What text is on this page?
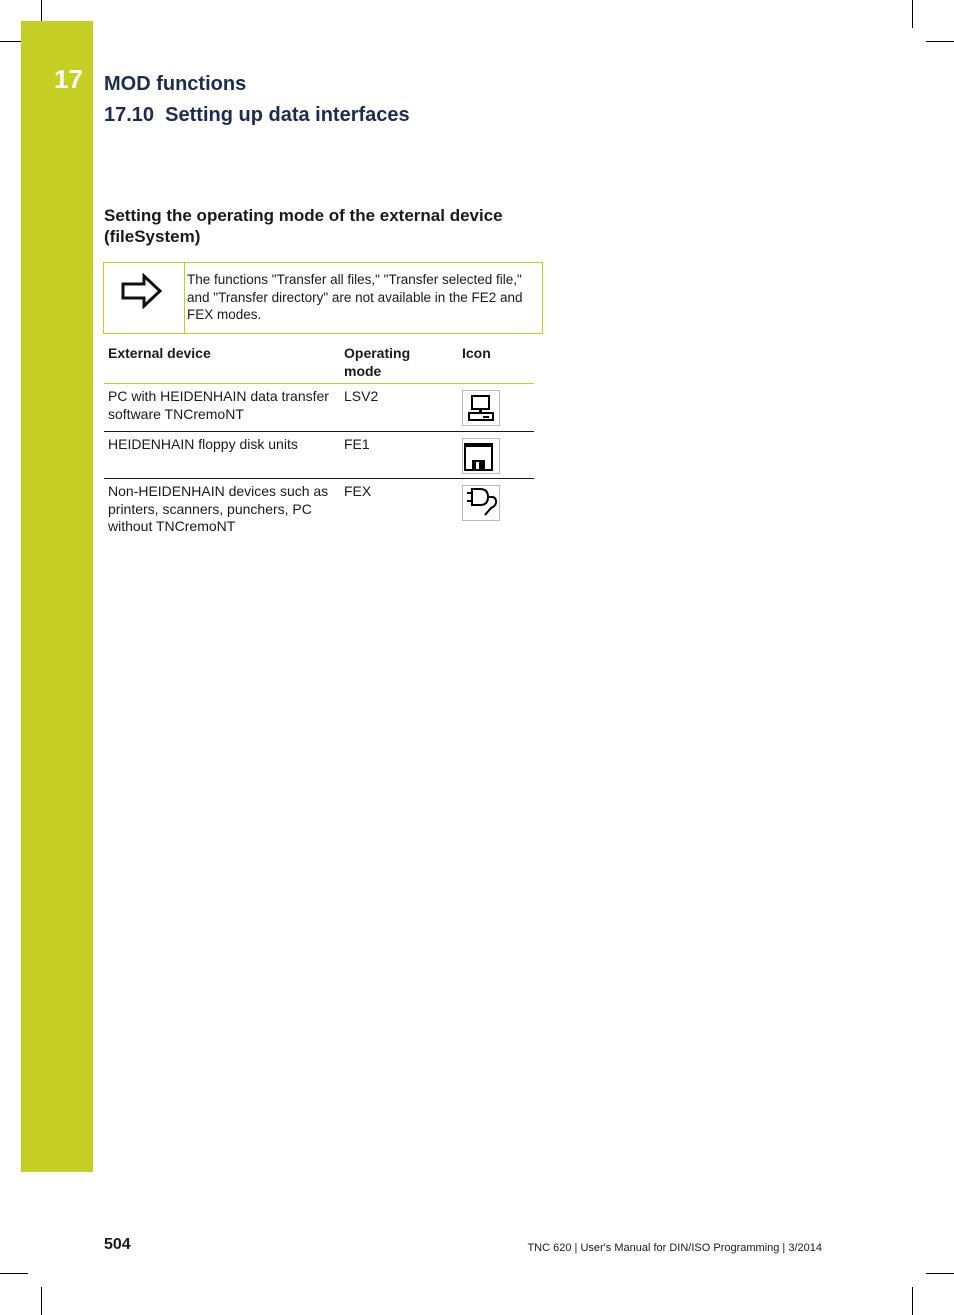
17 MOD functions
17.10  Setting up data interfaces
Setting the operating mode of the external device (fileSystem)
The functions "Transfer all files," "Transfer selected file," and "Transfer directory" are not available in the FE2 and FEX modes.
External device	Operating mode
Icon
PC with HEIDENHAIN data transfer software TNCremoNT
LSV2
FE1
HEIDENHAIN floppy disk units
Non-HEIDENHAIN devices such as printers, scanners, punchers, PC without TNCremoNT
FEX
504	TNC 620 | User's Manual for DIN/ISO Programming | 3/2014
